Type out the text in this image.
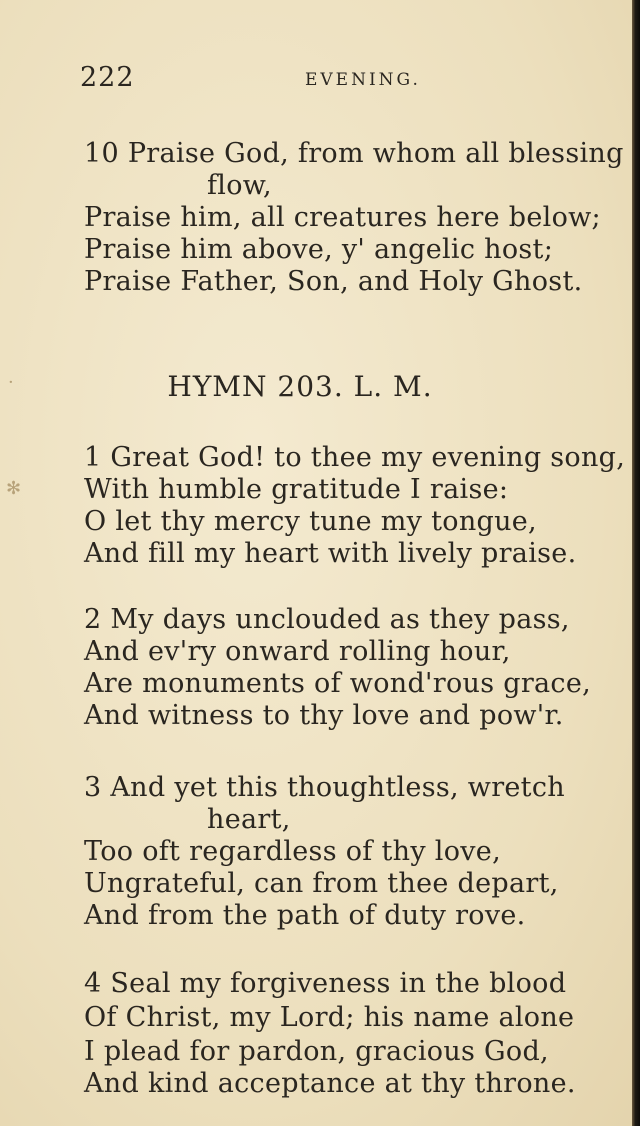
222	EVENING.
10 Praise God, from whom all blessing
flow,
Praise him, all creatures here below;
Praise him above, y' angelic host;
Praise Father, Son, and Holy Ghost.
HYMN 203. L. M.
1 Great God! to thee my evening song,
With humble gratitude I raise:
O let thy mercy tune my tongue,
And fill my heart with lively praise.
2 My days unclouded as they pass,
And ev'ry onward rolling hour,
Are monuments of wond'rous grace,
And witness to thy love and pow'r.
3 And yet this thoughtless, wretch
heart,
Too oft regardless of thy love,
Ungrateful, can from thee depart,
And from the path of duty rove.
4 Seal my forgiveness in the blood
Of Christ, my Lord; his name alone
I plead for pardon, gracious God,
And kind acceptance at thy throne.
·
✻
